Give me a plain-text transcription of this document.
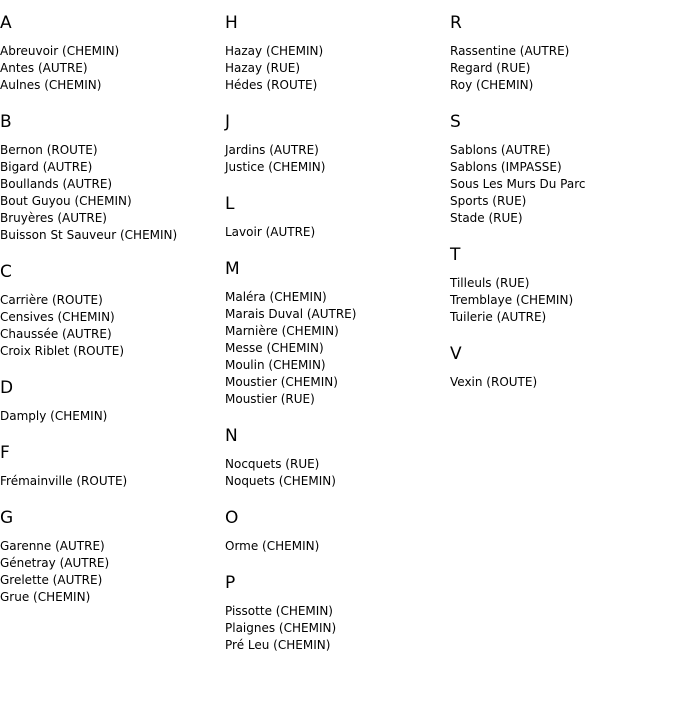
A
Abreuvoir (CHEMIN)
Antes (AUTRE)
Aulnes (CHEMIN)
B
Bernon (ROUTE)
Bigard (AUTRE)
Boullands (AUTRE)
Bout Guyou (CHEMIN)
Bruyères (AUTRE)
Buisson St Sauveur (CHEMIN)
C
Carrière (ROUTE)
Censives (CHEMIN)
Chaussée (AUTRE)
Croix Riblet (ROUTE)
D
Damply (CHEMIN)
F
Frémainville (ROUTE)
G
Garenne (AUTRE)
Génetray (AUTRE)
Grelette (AUTRE)
Grue (CHEMIN)
H
Hazay (CHEMIN)
Hazay (RUE)
Hédes (ROUTE)
J
Jardins (AUTRE)
Justice (CHEMIN)
L
Lavoir (AUTRE)
M
Maléra (CHEMIN)
Marais Duval (AUTRE)
Marnière (CHEMIN)
Messe (CHEMIN)
Moulin (CHEMIN)
Moustier (CHEMIN)
Moustier (RUE)
N
Nocquets (RUE)
Noquets (CHEMIN)
O
Orme (CHEMIN)
P
Pissotte (CHEMIN)
Plaignes (CHEMIN)
Pré Leu (CHEMIN)
R
Rassentine (AUTRE)
Regard (RUE)
Roy (CHEMIN)
S
Sablons (AUTRE)
Sablons (IMPASSE)
Sous Les Murs Du Parc
Sports (RUE)
Stade (RUE)
T
Tilleuls (RUE)
Tremblaye (CHEMIN)
Tuilerie (AUTRE)
V
Vexin (ROUTE)
